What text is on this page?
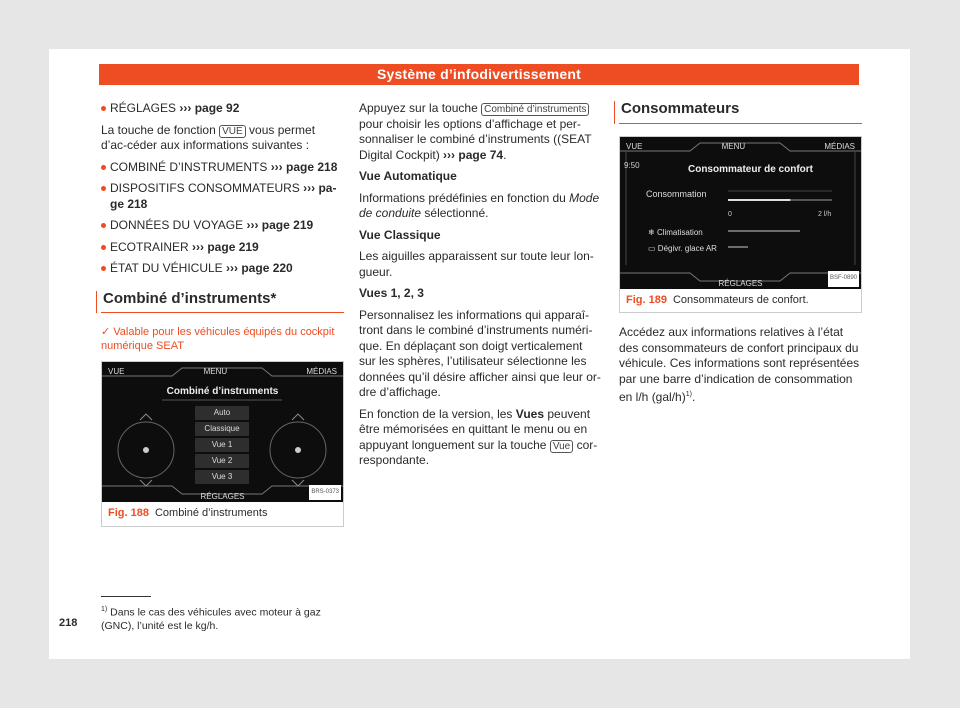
Système d’infodivertissement
RÉGLAGES ››› page 92
La touche de fonction VUE vous permet d’ac-céder aux informations suivantes :
COMBINÉ D’INSTRUMENTS ››› page 218
DISPOSITIFS CONSOMMATEURS ››› pa-ge 218
DONNÉES DU VOYAGE ››› page 219
ECOTRAINER ››› page 219
ÉTAT DU VÉHICULE ››› page 220
Combiné d’instruments*
✓ Valable pour les véhicules équipés du cockpit numérique SEAT
VUE	MENU	MÉDIAS
Combiné d’instruments
Auto
Classique
Vue 1
Vue 2
Vue 3
RÉGLAGES
BRS-0373
Fig. 188 Combiné d’instruments
Appuyez sur la touche Combiné d’instruments pour choisir les options d’affichage et per-sonnaliser le combiné d’instruments ((SEAT Digital Cockpit) ››› page 74.
Vue Automatique
Informations prédéfinies en fonction du Mode de conduite sélectionné.
Vue Classique
Les aiguilles apparaissent sur toute leur lon-gueur.
Vues 1, 2, 3
Personnalisez les informations qui apparaî-tront dans le combiné d’instruments numéri-que. En déplaçant son doigt verticalement sur les sphères, l’utilisateur sélectionne les données qu’il désire afficher ainsi que leur or-dre d’affichage.
En fonction de la version, les Vues peuvent être mémorisées en quittant le menu ou en appuyant longuement sur la touche Vue cor-respondante.
Consommateurs
VUE	MENU	MÉDIAS
9:50	Consommateur de confort
Consommation
0	2 l/h
❄ Climatisation
▭ Dégivr. glace AR
RÉGLAGES
BSF-0890
Fig. 189 Consommateurs de confort.
Accédez aux informations relatives à l’état des consommateurs de confort principaux du véhicule. Ces informations sont représentées par une barre d’indication de consommation en l/h $(gal/h)^{1)}$.
$^{1)}$ Dans le cas des véhicules avec moteur à gaz (GNC), l’unité est le kg/h.
218
